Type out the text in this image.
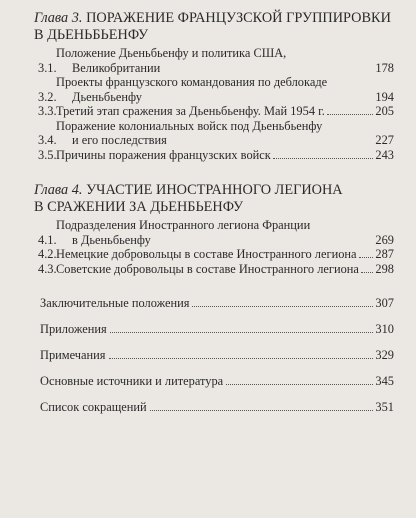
Глава 3. ПОРАЖЕНИЕ ФРАНЦУЗСКОЙ ГРУППИРОВКИ
В ДЬЕНЬБЬЕНФУ
3.1.
Положение Дьеньбьенфу и политика США,
Великобритании	178
3.2.
Проекты французского командования по деблокаде
Дьеньбьенфу	194
3.3. Третий этап сражения за Дьеньбьенфу. Май 1954 г.	205
3.4.
Поражение колониальных войск под Дьеньбьенфу
и его последствия	227
3.5. Причины поражения французских войск	243
Глава 4. УЧАСТИЕ ИНОСТРАННОГО ЛЕГИОНА
В СРАЖЕНИИ ЗА ДЬЕНБЬЕНФУ
4.1.
Подразделения Иностранного легиона Франции
в Дьеньбьенфу	269
4.2. Немецкие добровольцы в составе Иностранного легиона 287
4.3. Советские добровольцы в составе Иностранного легиона 298
Заключительные положения	307
Приложения	310
Примечания	329
Основные источники и литература	345
Список сокращений	351
